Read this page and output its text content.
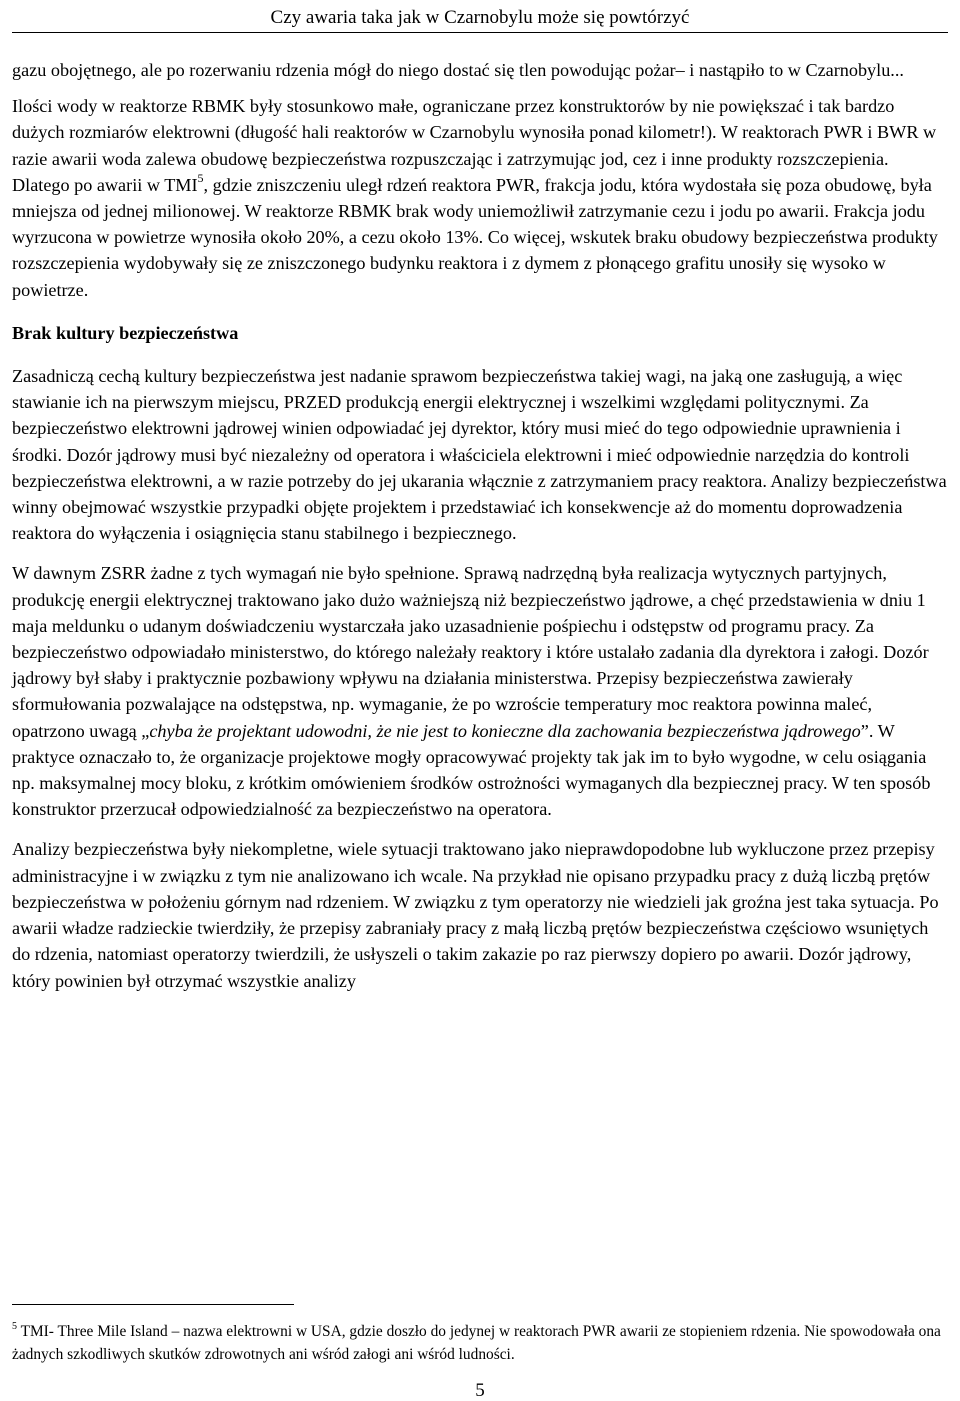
Czy awaria taka jak w Czarnobylu może się powtórzyć

gazu obojętnego, ale po rozerwaniu rdzenia mógł do niego dostać się tlen powodując pożar– i nastąpiło to w Czarnobylu...

Ilości wody w reaktorze RBMK były stosunkowo małe, ograniczane przez konstruktorów by nie powiększać i tak bardzo dużych rozmiarów elektrowni (długość hali reaktorów w Czarnobylu wynosiła ponad kilometr!). W reaktorach PWR i BWR w razie awarii woda zalewa obudowę bezpieczeństwa rozpuszczając i zatrzymując jod, cez i inne produkty rozszczepienia. Dlatego po awarii w TMI$^5$, gdzie zniszczeniu uległ rdzeń reaktora PWR, frakcja jodu, która wydostała się poza obudowę, była mniejsza od jednej milionowej. W reaktorze RBMK brak wody uniemożliwił zatrzymanie cezu i jodu po awarii. Frakcja jodu wyrzucona w powietrze wynosiła około 20%, a cezu około 13%. Co więcej, wskutek braku obudowy bezpieczeństwa produkty rozszczepienia wydobywały się ze zniszczonego budynku reaktora i z dymem z płonącego grafitu unosiły się wysoko w powietrze.

Brak kultury bezpieczeństwa

Zasadniczą cechą kultury bezpieczeństwa jest nadanie sprawom bezpieczeństwa takiej wagi, na jaką one zasługują, a więc stawianie ich na pierwszym miejscu, PRZED produkcją energii elektrycznej i wszelkimi względami politycznymi. Za bezpieczeństwo elektrowni jądrowej winien odpowiadać jej dyrektor, który musi mieć do tego odpowiednie uprawnienia i środki. Dozór jądrowy musi być niezależny od operatora i właściciela elektrowni i mieć odpowiednie narzędzia do kontroli bezpieczeństwa elektrowni, a w razie potrzeby do jej ukarania włącznie z zatrzymaniem pracy reaktora. Analizy bezpieczeństwa winny obejmować wszystkie przypadki objęte projektem i przedstawiać ich konsekwencje aż do momentu doprowadzenia reaktora do wyłączenia i osiągnięcia stanu stabilnego i bezpiecznego.

W dawnym ZSRR żadne z tych wymagań nie było spełnione. Sprawą nadrzędną była realizacja wytycznych partyjnych, produkcję energii elektrycznej traktowano jako dużo ważniejszą niż bezpieczeństwo jądrowe, a chęć przedstawienia w dniu 1 maja meldunku o udanym doświadczeniu wystarczała jako uzasadnienie pośpiechu i odstępstw od programu pracy. Za bezpieczeństwo odpowiadało ministerstwo, do którego należały reaktory i które ustalało zadania dla dyrektora i załogi. Dozór jądrowy był słaby i praktycznie pozbawiony wpływu na działania ministerstwa. Przepisy bezpieczeństwa zawierały sformułowania pozwalające na odstępstwa, np. wymaganie, że po wzroście temperatury moc reaktora powinna maleć, opatrzono uwagą „chyba że projektant udowodni, że nie jest to konieczne dla zachowania bezpieczeństwa jądrowego”. W praktyce oznaczało to, że organizacje projektowe mogły opracowywać projekty tak jak im to było wygodne, w celu osiągania np. maksymalnej mocy bloku, z krótkim omówieniem środków ostrożności wymaganych dla bezpiecznej pracy. W ten sposób konstruktor przerzucał odpowiedzialność za bezpieczeństwo na operatora.

Analizy bezpieczeństwa były niekompletne, wiele sytuacji traktowano jako nieprawdopodobne lub wykluczone przez przepisy administracyjne i w związku z tym nie analizowano ich wcale. Na przykład nie opisano przypadku pracy z dużą liczbą prętów bezpieczeństwa w położeniu górnym nad rdzeniem. W związku z tym operatorzy nie wiedzieli jak groźna jest taka sytuacja. Po awarii władze radzieckie twierdziły, że przepisy zabraniały pracy z małą liczbą prętów bezpieczeństwa częściowo wsuniętych do rdzenia, natomiast operatorzy twierdzili, że usłyszeli o takim zakazie po raz pierwszy dopiero po awarii. Dozór jądrowy, który powinien był otrzymać wszystkie analizy

$^5$ TMI- Three Mile Island – nazwa elektrowni w USA, gdzie doszło do jedynej w reaktorach PWR awarii ze stopieniem rdzenia. Nie spowodowała ona żadnych szkodliwych skutków zdrowotnych ani wśród załogi ani wśród ludności.
5
